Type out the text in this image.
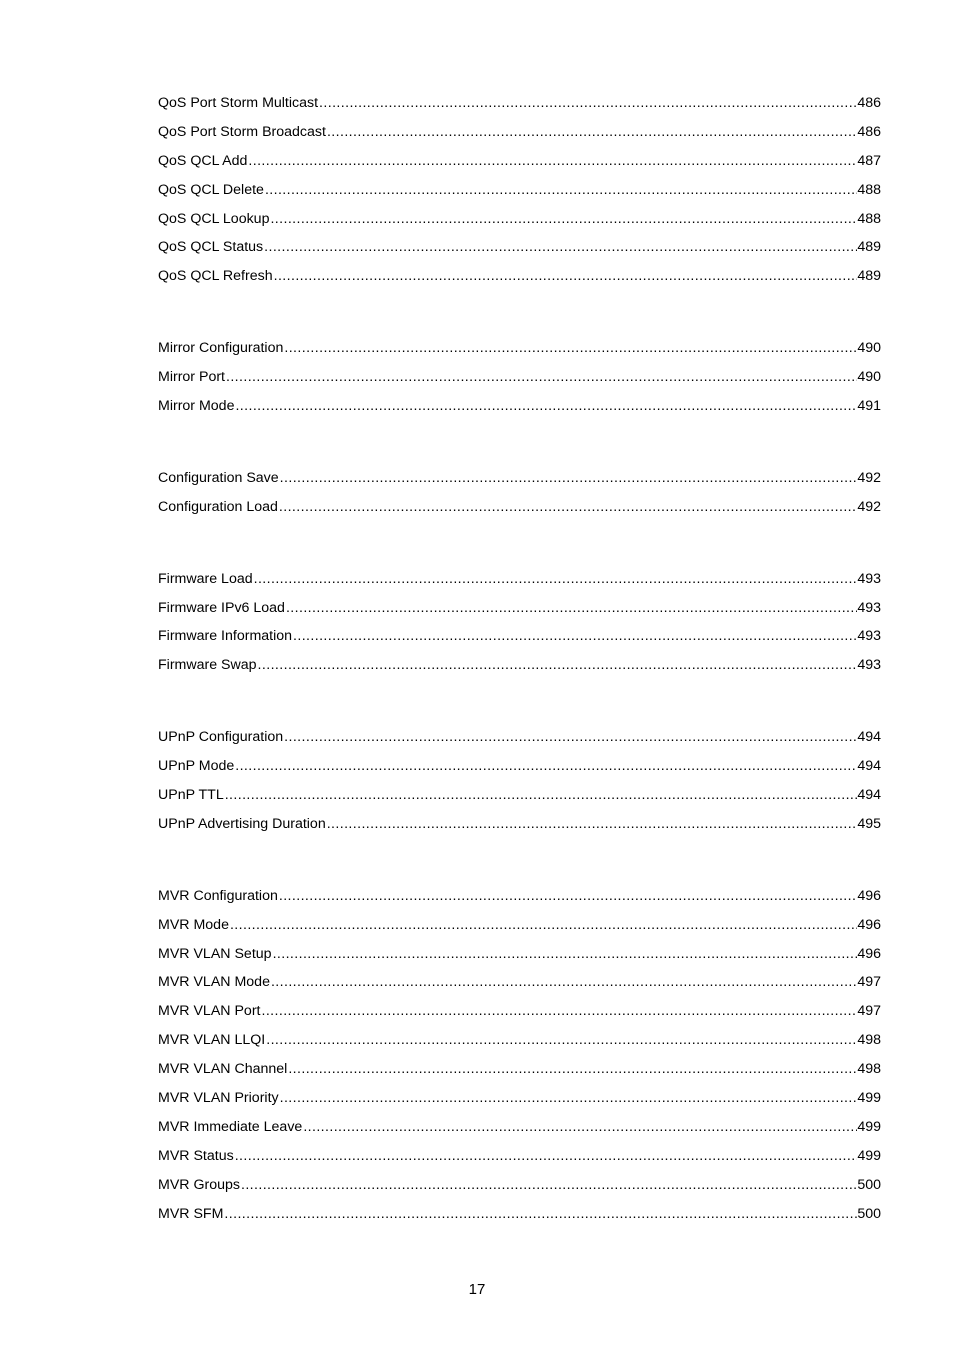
QoS Port Storm Multicast .....	486
QoS Port Storm Broadcast .....	486
QoS QCL Add .....	487
QoS QCL Delete .....	488
QoS QCL Lookup .....	488
QoS QCL Status .....	489
QoS QCL Refresh .....	489
Mirror Configuration .....	490
Mirror Port .....	490
Mirror Mode .....	491
Configuration Save .....	492
Configuration Load .....	492
Firmware Load .....	493
Firmware IPv6 Load .....	493
Firmware Information .....	493
Firmware Swap .....	493
UPnP Configuration .....	494
UPnP Mode .....	494
UPnP TTL .....	494
UPnP Advertising Duration .....	495
MVR Configuration .....	496
MVR Mode .....	496
MVR VLAN Setup .....	496
MVR VLAN Mode .....	497
MVR VLAN Port .....	497
MVR VLAN LLQI .....	498
MVR VLAN Channel .....	498
MVR VLAN Priority .....	499
MVR Immediate Leave .....	499
MVR Status .....	499
MVR Groups .....	500
MVR SFM .....	500
17
